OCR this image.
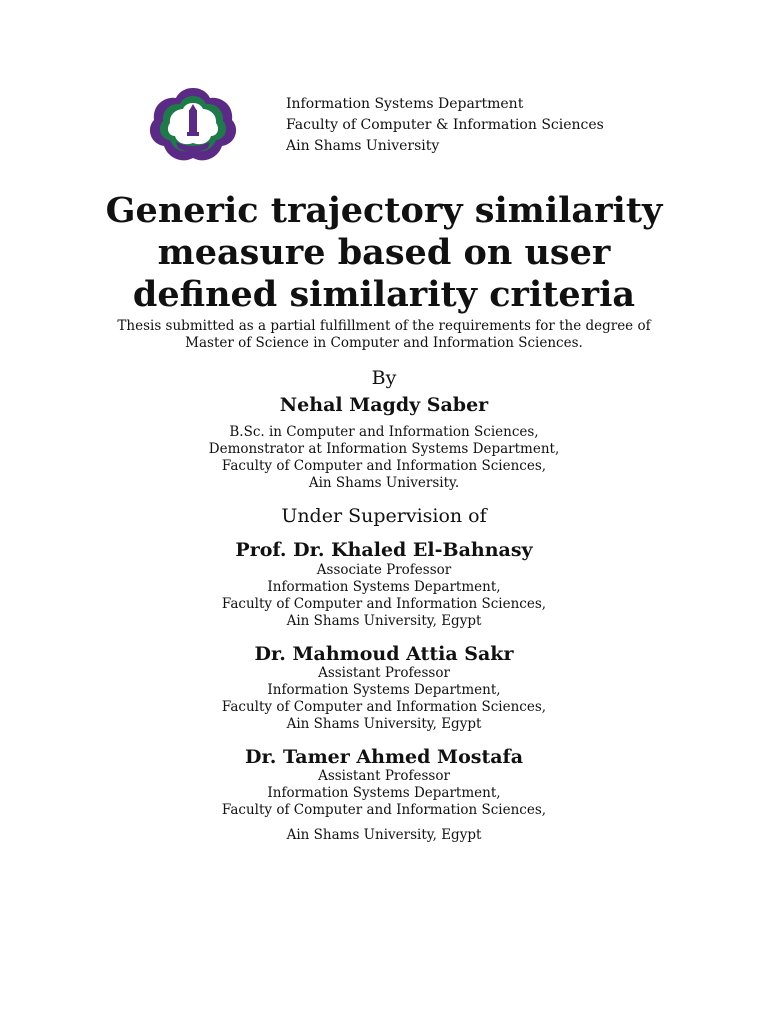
Information Systems Department
Faculty of Computer & Information Sciences
Ain Shams University
Generic trajectory similarity
measure based on user
defined similarity criteria
Thesis submitted as a partial fulfillment of the requirements for the degree of
Master of Science in Computer and Information Sciences.
By
Nehal Magdy Saber
B.Sc. in Computer and Information Sciences,
Demonstrator at Information Systems Department,
Faculty of Computer and Information Sciences,
Ain Shams University.
Under Supervision of
Prof. Dr. Khaled El-Bahnasy
Associate Professor
Information Systems Department,
Faculty of Computer and Information Sciences,
Ain Shams University, Egypt
Dr. Mahmoud Attia Sakr
Assistant Professor
Information Systems Department,
Faculty of Computer and Information Sciences,
Ain Shams University, Egypt
Dr. Tamer Ahmed Mostafa
Assistant Professor
Information Systems Department,
Faculty of Computer and Information Sciences,
Ain Shams University, Egypt
